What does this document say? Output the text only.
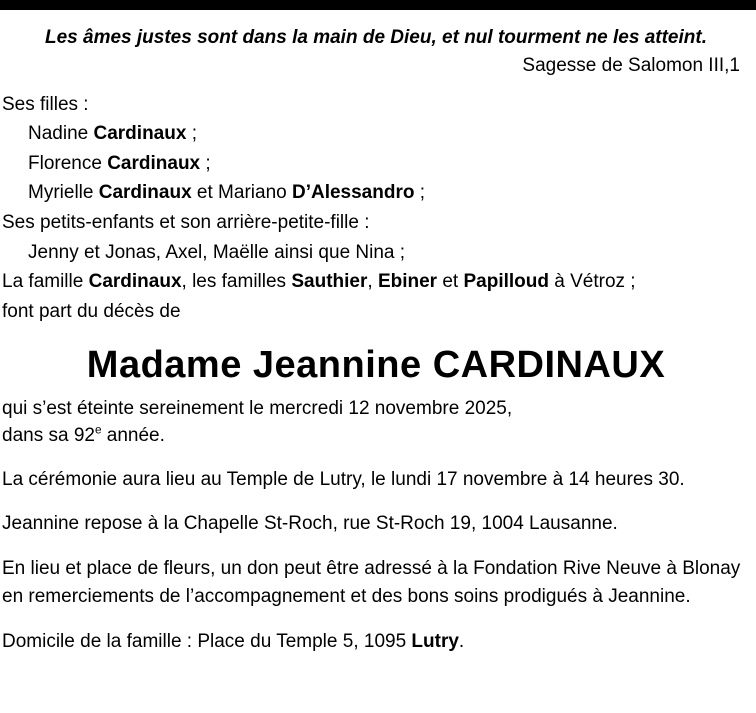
Les âmes justes sont dans la main de Dieu, et nul tourment ne les atteint.
Sagesse de Salomon III,1
Ses filles :
Nadine Cardinaux ;
Florence Cardinaux ;
Myrielle Cardinaux et Mariano D’Alessandro ;
Ses petits-enfants et son arrière-petite-fille :
Jenny et Jonas, Axel, Maëlle ainsi que Nina ;
La famille Cardinaux, les familles Sauthier, Ebiner et Papilloud à Vétroz ;
font part du décès de
Madame Jeannine CARDINAUX
qui s’est éteinte sereinement le mercredi 12 novembre 2025,
dans sa 92e année.
La cérémonie aura lieu au Temple de Lutry, le lundi 17 novembre à 14 heures 30.
Jeannine repose à la Chapelle St-Roch, rue St-Roch 19, 1004 Lausanne.
En lieu et place de fleurs, un don peut être adressé à la Fondation Rive Neuve à Blonay en remerciements de l’accompagnement et des bons soins prodigués à Jeannine.
Domicile de la famille : Place du Temple 5, 1095 Lutry.
